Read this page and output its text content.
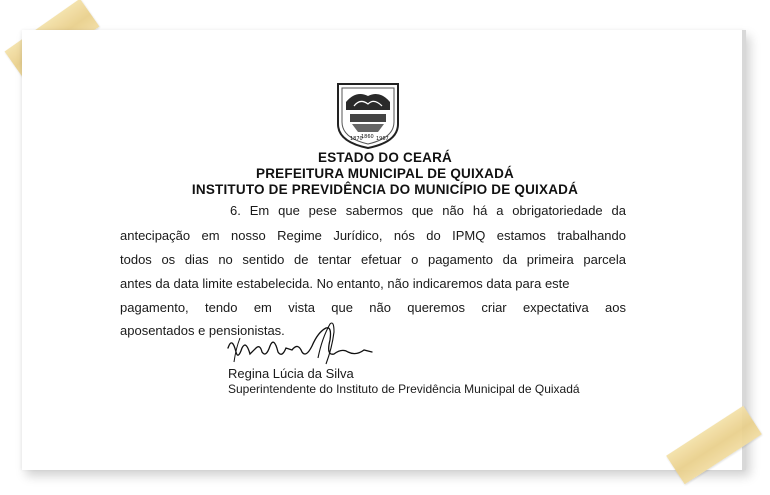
1870
1860 1967
ESTADO DO CEARÁ
PREFEITURA MUNICIPAL DE QUIXADÁ
INSTITUTO DE PREVIDÊNCIA DO MUNICÍPIO DE QUIXADÁ
6. Em que pese sabermos que não há a obrigatoriedade da
antecipação em nosso Regime Jurídico, nós do IPMQ estamos trabalhando
todos os dias no sentido de tentar efetuar o pagamento da primeira parcela
antes da data limite estabelecida. No entanto, não indicaremos data para este
pagamento, tendo em vista que não queremos criar expectativa aos
aposentados e pensionistas.
Regina Lúcia da Silva
Superintendente do Instituto de Previdência Municipal de Quixadá
